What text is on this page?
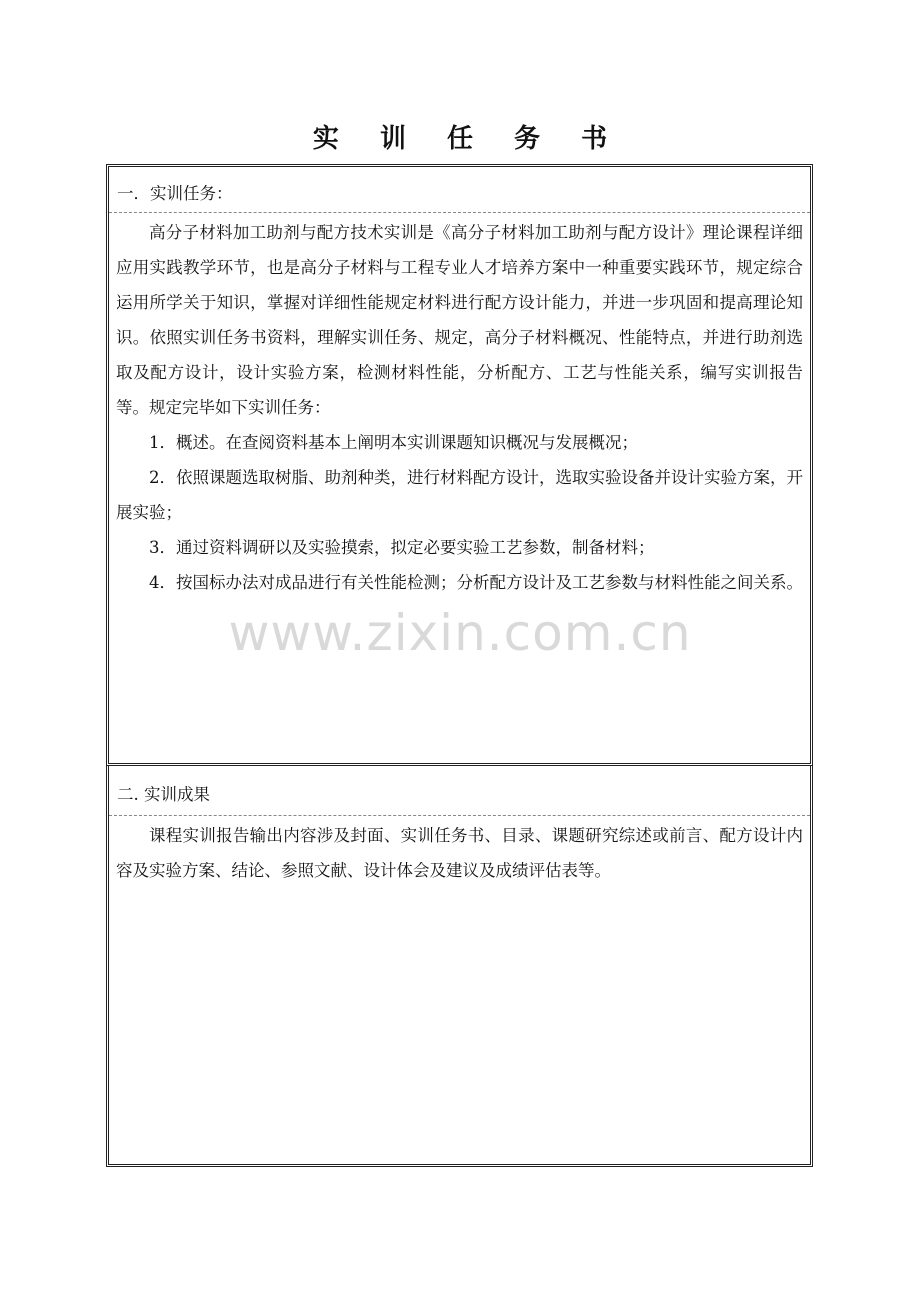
实 训 任 务 书
一．实训任务：

高分子材料加工助剂与配方技术实训是《高分子材料加工助剂与配方设计》理论课程详细应用实践教学环节，也是高分子材料与工程专业人才培养方案中一种重要实践环节，规定综合运用所学关于知识，掌握对详细性能规定材料进行配方设计能力，并进一步巩固和提高理论知识。依照实训任务书资料，理解实训任务、规定，高分子材料概况、性能特点，并进行助剂选取及配方设计，设计实验方案，检测材料性能，分析配方、工艺与性能关系，编写实训报告等。规定完毕如下实训任务：

1．概述。在查阅资料基本上阐明本实训课题知识概况与发展概况；

2．依照课题选取树脂、助剂种类，进行材料配方设计，选取实验设备并设计实验方案，开展实验；

3．通过资料调研以及实验摸索，拟定必要实验工艺参数，制备材料；

4．按国标办法对成品进行有关性能检测；分析配方设计及工艺参数与材料性能之间关系。

二. 实训成果

课程实训报告输出内容涉及封面、实训任务书、目录、课题研究综述或前言、配方设计内容及实验方案、结论、参照文献、设计体会及建议及成绩评估表等。

www.zixin.com.cn
